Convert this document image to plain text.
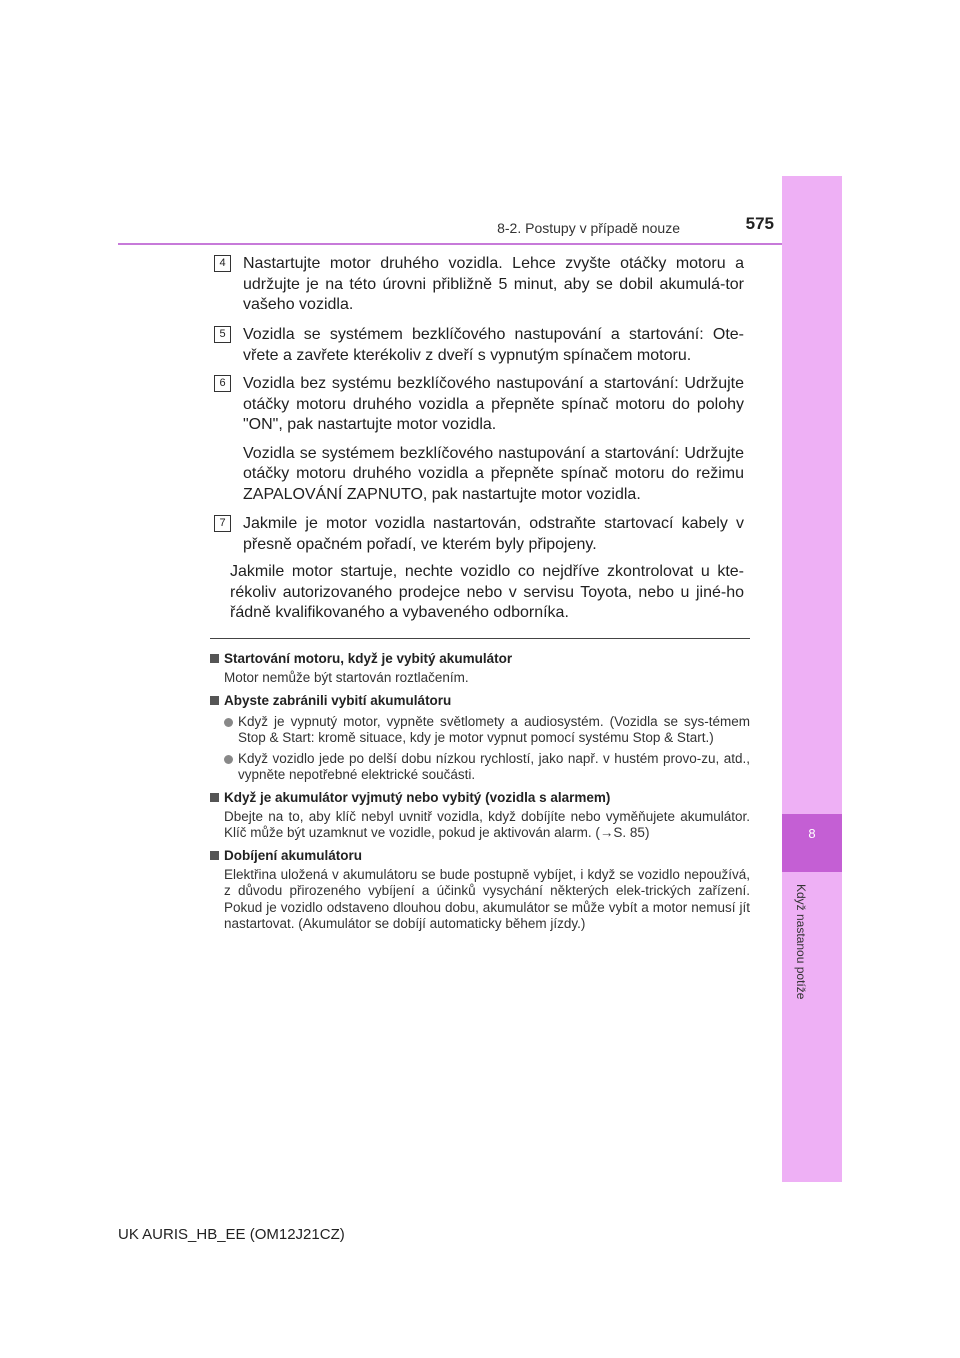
8
Když nastanou potíže
8-2. Postupy v případě nouze	575
4	Nastartujte motor druhého vozidla. Lehce zvyšte otáčky motoru a udržujte je na této úrovni přibližně 5 minut, aby se dobil akumulá-tor vašeho vozidla.

5	Vozidla se systémem bezklíčového nastupování a startování: Ote-vřete a zavřete kterékoliv z dveří s vypnutým spínačem motoru.

6	Vozidla bez systému bezklíčového nastupování a startování: Udržujte otáčky motoru druhého vozidla a přepněte spínač motoru do polohy "ON", pak nastartujte motor vozidla.

Vozidla se systémem bezklíčového nastupování a startování: Udržujte otáčky motoru druhého vozidla a přepněte spínač motoru do režimu ZAPALOVÁNÍ ZAPNUTO, pak nastartujte motor vozidla.

7	Jakmile je motor vozidla nastartován, odstraňte startovací kabely v přesně opačném pořadí, ve kterém byly připojeny.

Jakmile motor startuje, nechte vozidlo co nejdříve zkontrolovat u kte-rékoliv autorizovaného prodejce nebo v servisu Toyota, nebo u jiné-ho řádně kvalifikovaného a vybaveného odborníka.

Startování motoru, když je vybitý akumulátor
Motor nemůže být startován roztlačením.
Abyste zabránili vybití akumulátoru
Když je vypnutý motor, vypněte světlomety a audiosystém. (Vozidla se sys-témem Stop & Start: kromě situace, kdy je motor vypnut pomocí systému Stop & Start.)
Když vozidlo jede po delší dobu nízkou rychlostí, jako např. v hustém provo-zu, atd., vypněte nepotřebné elektrické součásti.
Když je akumulátor vyjmutý nebo vybitý (vozidla s alarmem)
Dbejte na to, aby klíč nebyl uvnitř vozidla, když dobíjíte nebo vyměňujete akumulátor. Klíč může být uzamknut ve vozidle, pokud je aktivován alarm. (→S. 85)
Dobíjení akumulátoru
Elektřina uložená v akumulátoru se bude postupně vybíjet, i když se vozidlo nepoužívá, z důvodu přirozeného vybíjení a účinků vysychání některých elek-trických zařízení. Pokud je vozidlo odstaveno dlouhou dobu, akumulátor se může vybít a motor nemusí jít nastartovat. (Akumulátor se dobíjí automaticky během jízdy.)
UK AURIS_HB_EE (OM12J21CZ)
